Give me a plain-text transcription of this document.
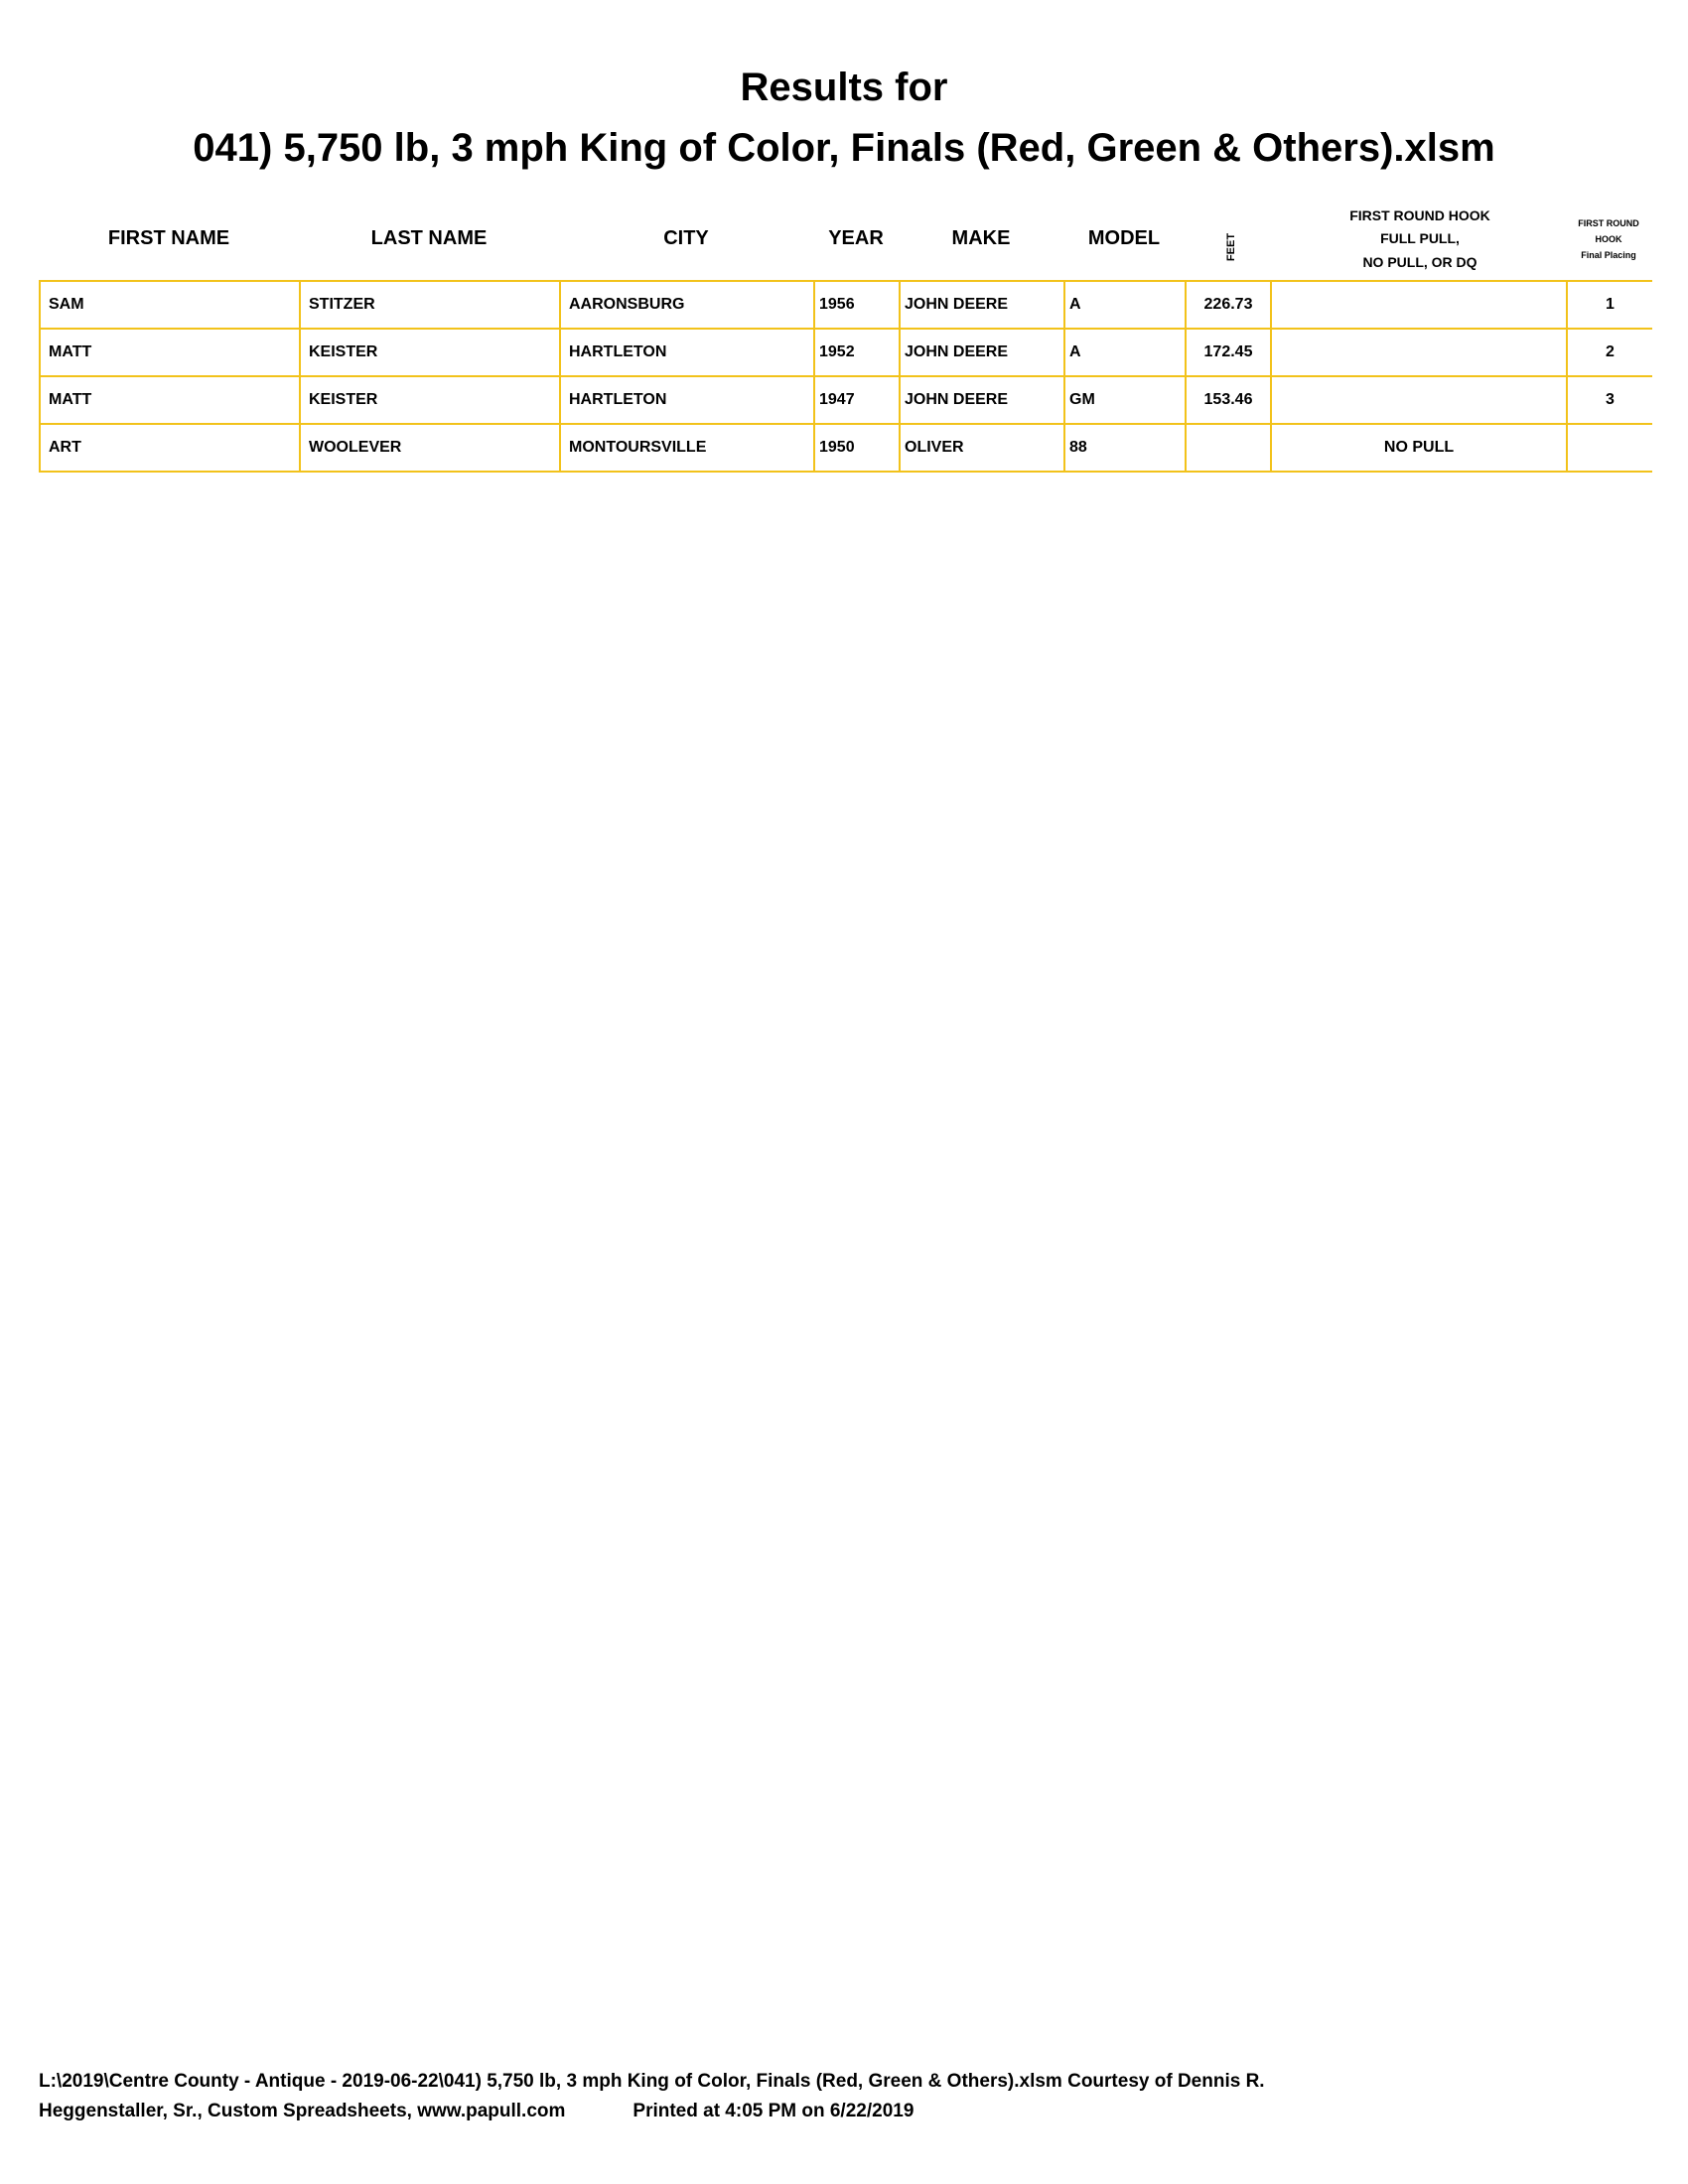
Results for
041) 5,750 lb, 3 mph King of Color, Finals (Red, Green & Others).xlsm
FIRST NAME	LAST NAME	CITY	YEAR	MAKE	MODEL	FEET
FIRST ROUND HOOK
FULL PULL,
NO PULL, OR DQ
FIRST ROUND
HOOK
Final Placing
SAM	STITZER	AARONSBURG	1956	JOHN DEERE	A	226.73		1
MATT	KEISTER	HARTLETON	1952	JOHN DEERE	A	172.45		2
MATT	KEISTER	HARTLETON	1947	JOHN DEERE	GM	153.46		3
ART	WOOLEVER	MONTOURSVILLE	1950	OLIVER	88		NO PULL	
L:\2019\Centre County - Antique - 2019-06-22\041) 5,750 lb, 3 mph King of Color, Finals (Red, Green & Others).xlsm Courtesy of Dennis R.
Heggenstaller, Sr., Custom Spreadsheets, www.papull.com	Printed at 4:05 PM on 6/22/2019
